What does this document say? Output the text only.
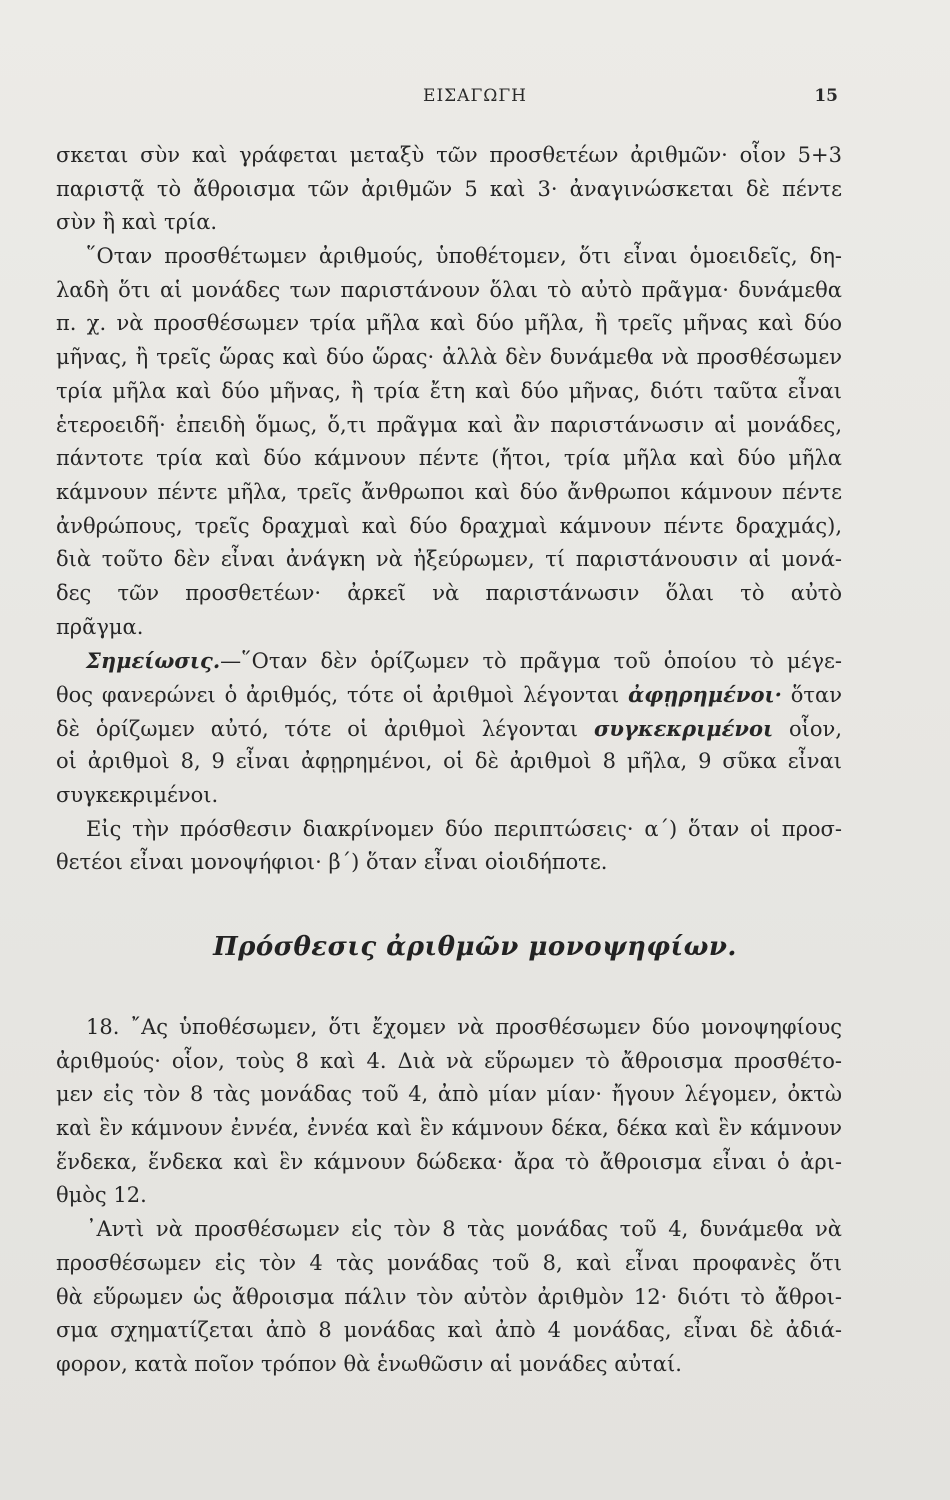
ΕΙΣΑΓΩΓΗ	15
σκεται σὺν καὶ γράφεται μεταξὺ τῶν προσθετέων ἀριθμῶν· οἷον 5+3
παριστᾷ τὸ ἄθροισμα τῶν ἀριθμῶν 5 καὶ 3· ἀναγινώσκεται δὲ πέντε
σὺν ἢ καὶ τρία.
῞Οταν προσθέτωμεν ἀριθμούς, ὑποθέτομεν, ὅτι εἶναι ὁμοειδεῖς, δη-
λαδὴ ὅτι αἱ μονάδες των παριστάνουν ὅλαι τὸ αὐτὸ πρᾶγμα· δυνάμεθα
π. χ. νὰ προσθέσωμεν τρία μῆλα καὶ δύο μῆλα, ἢ τρεῖς μῆνας καὶ δύο
μῆνας, ἢ τρεῖς ὥρας καὶ δύο ὥρας· ἀλλὰ δὲν δυνάμεθα νὰ προσθέσωμεν
τρία μῆλα καὶ δύο μῆνας, ἢ τρία ἔτη καὶ δύο μῆνας, διότι ταῦτα εἶναι
ἑτεροειδῆ· ἐπειδὴ ὅμως, ὅ,τι πρᾶγμα καὶ ἂν παριστάνωσιν αἱ μονάδες,
πάντοτε τρία καὶ δύο κάμνουν πέντε (ἤτοι, τρία μῆλα καὶ δύο μῆλα
κάμνουν πέντε μῆλα, τρεῖς ἄνθρωποι καὶ δύο ἄνθρωποι κάμνουν πέντε
ἀνθρώπους, τρεῖς δραχμαὶ καὶ δύο δραχμαὶ κάμνουν πέντε δραχμάς),
διὰ τοῦτο δὲν εἶναι ἀνάγκη νὰ ἠξεύρωμεν, τί παριστάνουσιν αἱ μονά-
δες τῶν προσθετέων· ἀρκεῖ νὰ παριστάνωσιν ὅλαι τὸ αὐτὸ
πρᾶγμα.
Σημείωσις.—῞Οταν δὲν ὁρίζωμεν τὸ πρᾶγμα τοῦ ὁποίου τὸ μέγε-
θος φανερώνει ὁ ἀριθμός, τότε οἱ ἀριθμοὶ λέγονται ἀφῃρημένοι· ὅταν
δὲ ὁρίζωμεν αὐτό, τότε οἱ ἀριθμοὶ λέγονται συγκεκριμένοι οἷον,
οἱ ἀριθμοὶ 8, 9 εἶναι ἀφῃρημένοι, οἱ δὲ ἀριθμοὶ 8 μῆλα, 9 σῦκα εἶναι
συγκεκριμένοι.
Εἰς τὴν πρόσθεσιν διακρίνομεν δύο περιπτώσεις· α΄) ὅταν οἱ προσ-
θετέοι εἶναι μονοψήφιοι· β΄) ὅταν εἶναι οἱοιδήποτε.
Πρόσθεσις ἀριθμῶν μονοψηφίων.
18. ῎Ας ὑποθέσωμεν, ὅτι ἔχομεν νὰ προσθέσωμεν δύο μονοψηφίους
ἀριθμούς· οἷον, τοὺς 8 καὶ 4. Διὰ νὰ εὕρωμεν τὸ ἄθροισμα προσθέτο-
μεν εἰς τὸν 8 τὰς μονάδας τοῦ 4, ἀπὸ μίαν μίαν· ἤγουν λέγομεν, ὀκτὼ
καὶ ἓν κάμνουν ἐννέα, ἐννέα καὶ ἓν κάμνουν δέκα, δέκα καὶ ἓν κάμνουν
ἕνδεκα, ἕνδεκα καὶ ἓν κάμνουν δώδεκα· ἄρα τὸ ἄθροισμα εἶναι ὁ ἀρι-
θμὸς 12.
᾿Αντὶ νὰ προσθέσωμεν εἰς τὸν 8 τὰς μονάδας τοῦ 4, δυνάμεθα νὰ
προσθέσωμεν εἰς τὸν 4 τὰς μονάδας τοῦ 8, καὶ εἶναι προφανὲς ὅτι
θὰ εὕρωμεν ὡς ἄθροισμα πάλιν τὸν αὐτὸν ἀριθμὸν 12· διότι τὸ ἄθροι-
σμα σχηματίζεται ἀπὸ 8 μονάδας καὶ ἀπὸ 4 μονάδας, εἶναι δὲ ἀδιά-
φορον, κατὰ ποῖον τρόπον θὰ ἑνωθῶσιν αἱ μονάδες αὐταί.
